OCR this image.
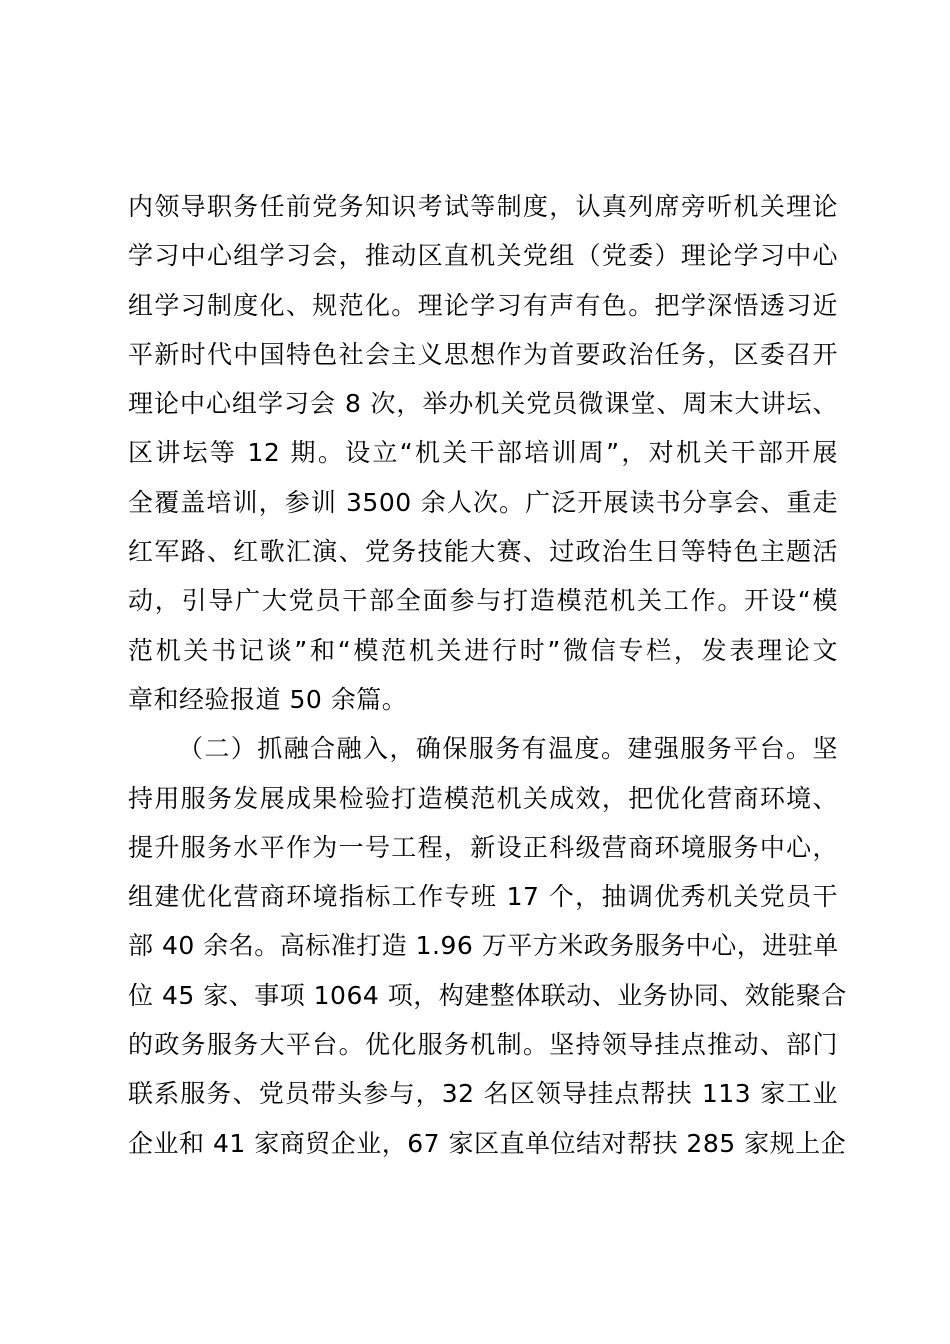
内领导职务任前党务知识考试等制度，认真列席旁听机关理论
学习中心组学习会，推动区直机关党组（党委）理论学习中心
组学习制度化、规范化。理论学习有声有色。把学深悟透习近
平新时代中国特色社会主义思想作为首要政治任务，区委召开
理论中心组学习会 8 次，举办机关党员微课堂、周末大讲坛、
区讲坛等 12 期。设立“机关干部培训周”，对机关干部开展
全覆盖培训，参训 3500 余人次。广泛开展读书分享会、重走
红军路、红歌汇演、党务技能大赛、过政治生日等特色主题活
动，引导广大党员干部全面参与打造模范机关工作。开设“模
范机关书记谈”和“模范机关进行时”微信专栏，发表理论文
章和经验报道 50 余篇。
（二）抓融合融入，确保服务有温度。建强服务平台。坚
持用服务发展成果检验打造模范机关成效，把优化营商环境、
提升服务水平作为一号工程，新设正科级营商环境服务中心，
组建优化营商环境指标工作专班 17 个，抽调优秀机关党员干
部 40 余名。高标准打造 1.96 万平方米政务服务中心，进驻单
位 45 家、事项 1064 项，构建整体联动、业务协同、效能聚合
的政务服务大平台。优化服务机制。坚持领导挂点推动、部门
联系服务、党员带头参与，32 名区领导挂点帮扶 113 家工业
企业和 41 家商贸企业，67 家区直单位结对帮扶 285 家规上企
